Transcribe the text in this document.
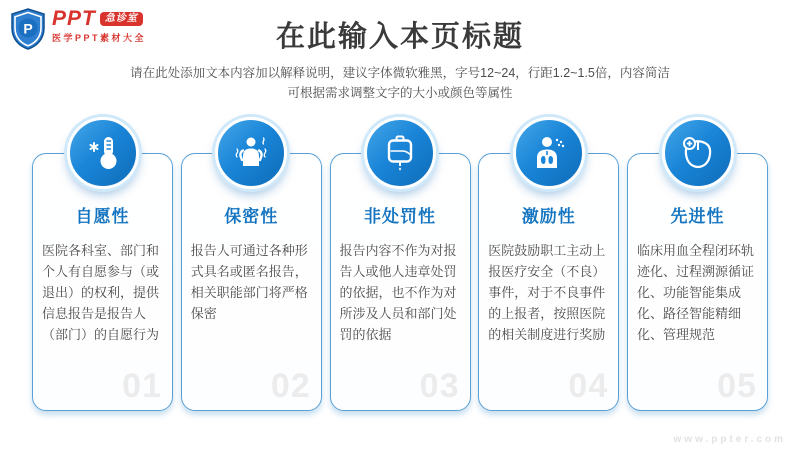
P PPT 急诊室
医学PPT素材大全	在此输入本页标题
请在此处添加文本内容加以解释说明，建议字体微软雅黑，字号12~24，行距1.2~1.5倍，内容简洁
可根据需求调整文字的大小或颜色等属性
自愿性
医院各科室、部门和个人有自愿参与（或退出）的权利，提供信息报告是报告人（部门）的自愿行为
01
保密性
报告人可通过各种形式具名或匿名报告，相关职能部门将严格保密
02
非处罚性
报告内容不作为对报告人或他人违章处罚的依据，也不作为对所涉及人员和部门处罚的依据
03
激励性
医院鼓励职工主动上报医疗安全（不良）事件，对于不良事件的上报者，按照医院的相关制度进行奖励
04
先进性
临床用血全程闭环轨迹化、过程溯源循证化、功能智能集成化、路径智能精细化、管理规范
05
www.ppter.com
